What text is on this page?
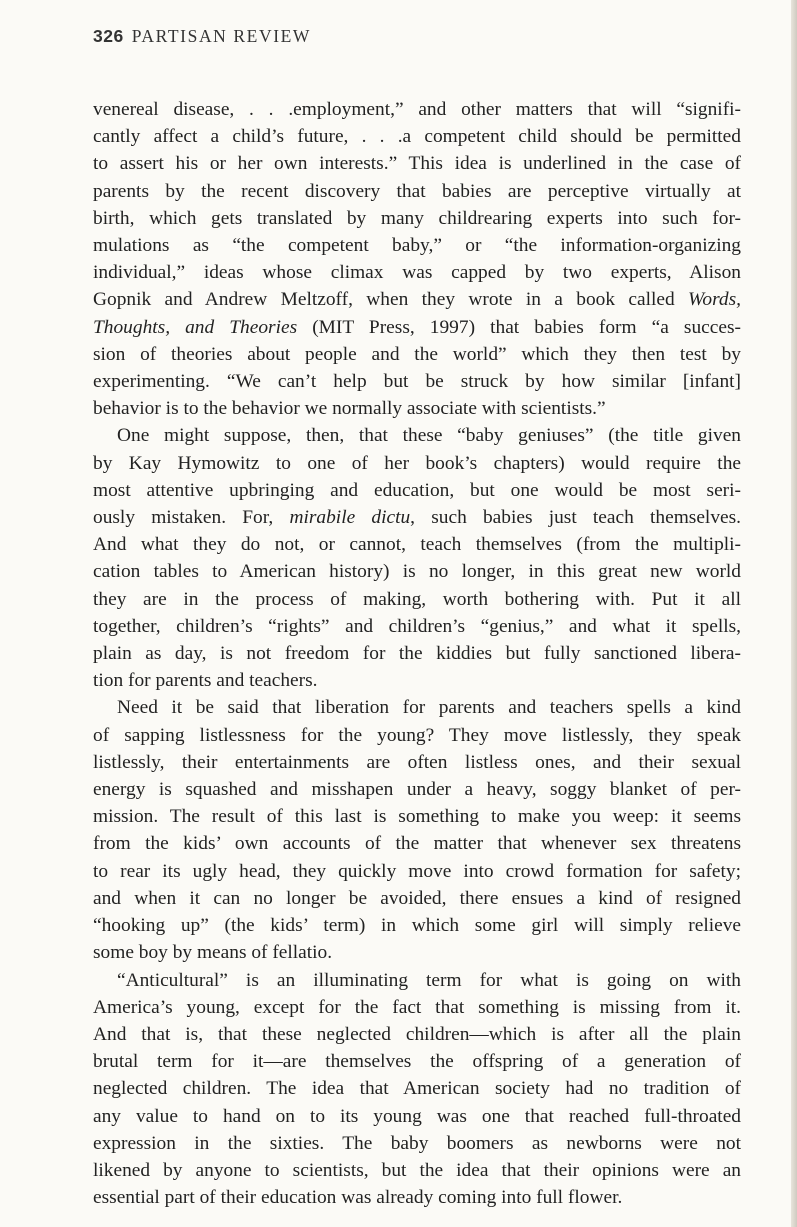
326 PARTISAN REVIEW
venereal disease, . . .employment,” and other matters that will “signifi-
cantly affect a child’s future, . . .a competent child should be permitted
to assert his or her own interests.” This idea is underlined in the case of
parents by the recent discovery that babies are perceptive virtually at
birth, which gets translated by many childrearing experts into such for-
mulations as “the competent baby,” or “the information-organizing
individual,” ideas whose climax was capped by two experts, Alison
Gopnik and Andrew Meltzoff, when they wrote in a book called Words,
Thoughts, and Theories (MIT Press, 1997) that babies form “a succes-
sion of theories about people and the world” which they then test by
experimenting. “We can’t help but be struck by how similar [infant]
behavior is to the behavior we normally associate with scientists.”
One might suppose, then, that these “baby geniuses” (the title given
by Kay Hymowitz to one of her book’s chapters) would require the
most attentive upbringing and education, but one would be most seri-
ously mistaken. For, mirabile dictu, such babies just teach themselves.
And what they do not, or cannot, teach themselves (from the multipli-
cation tables to American history) is no longer, in this great new world
they are in the process of making, worth bothering with. Put it all
together, children’s “rights” and children’s “genius,” and what it spells,
plain as day, is not freedom for the kiddies but fully sanctioned libera-
tion for parents and teachers.
Need it be said that liberation for parents and teachers spells a kind
of sapping listlessness for the young? They move listlessly, they speak
listlessly, their entertainments are often listless ones, and their sexual
energy is squashed and misshapen under a heavy, soggy blanket of per-
mission. The result of this last is something to make you weep: it seems
from the kids’ own accounts of the matter that whenever sex threatens
to rear its ugly head, they quickly move into crowd formation for safety;
and when it can no longer be avoided, there ensues a kind of resigned
“hooking up” (the kids’ term) in which some girl will simply relieve
some boy by means of fellatio.
“Anticultural” is an illuminating term for what is going on with
America’s young, except for the fact that something is missing from it.
And that is, that these neglected children—which is after all the plain
brutal term for it—are themselves the offspring of a generation of
neglected children. The idea that American society had no tradition of
any value to hand on to its young was one that reached full-throated
expression in the sixties. The baby boomers as newborns were not
likened by anyone to scientists, but the idea that their opinions were an
essential part of their education was already coming into full flower.
